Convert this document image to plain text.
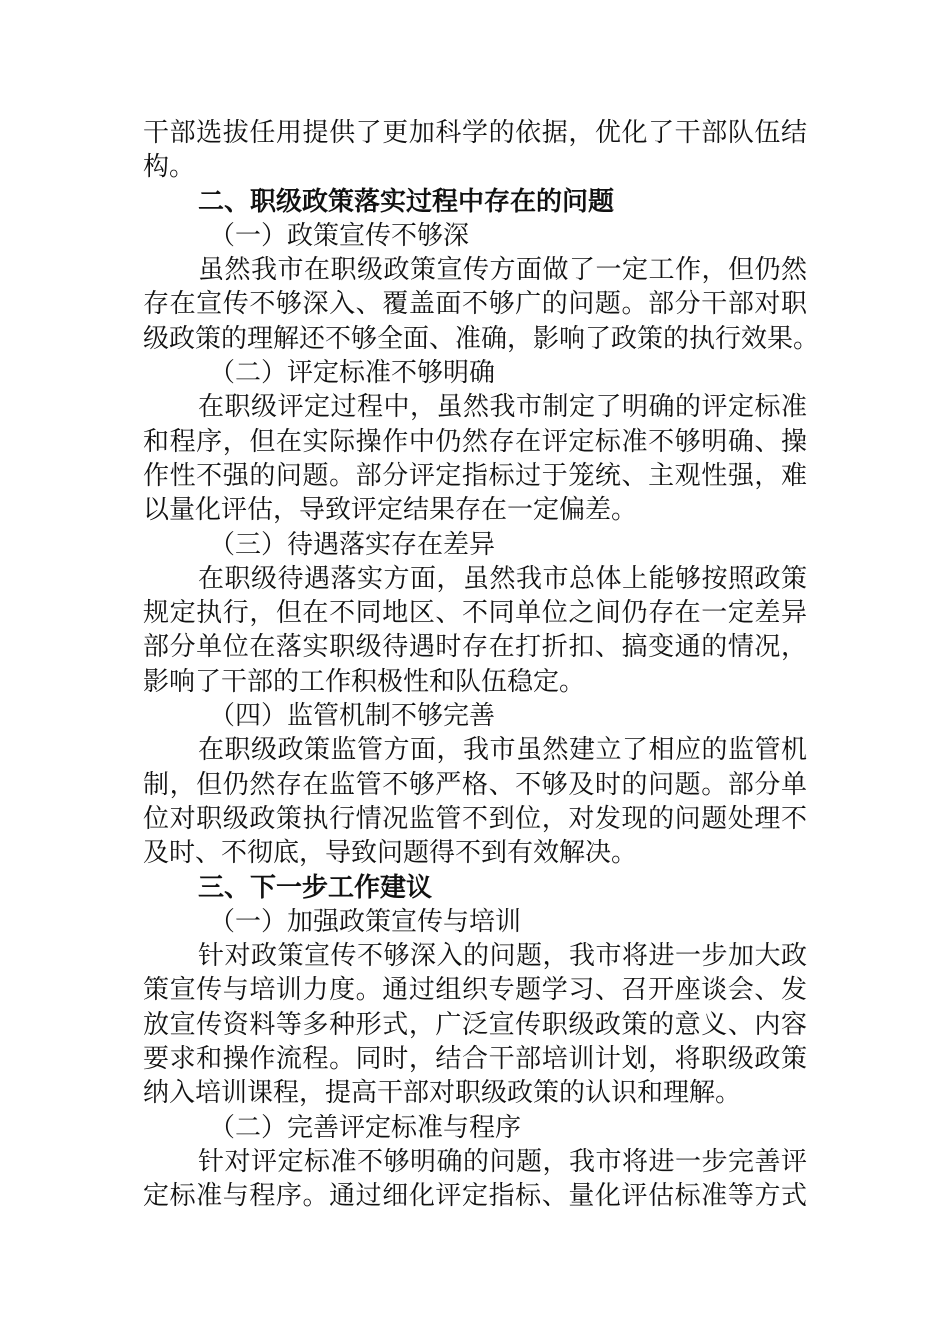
干部选拔任用提供了更加科学的依据，优化了干部队伍结
构。
二、职级政策落实过程中存在的问题
（一）政策宣传不够深
虽然我市在职级政策宣传方面做了一定工作，但仍然
存在宣传不够深入、覆盖面不够广的问题。部分干部对职
级政策的理解还不够全面、准确，影响了政策的执行效果。
（二）评定标准不够明确
在职级评定过程中，虽然我市制定了明确的评定标准
和程序，但在实际操作中仍然存在评定标准不够明确、操
作性不强的问题。部分评定指标过于笼统、主观性强，难
以量化评估，导致评定结果存在一定偏差。
（三）待遇落实存在差异
在职级待遇落实方面，虽然我市总体上能够按照政策
规定执行，但在不同地区、不同单位之间仍存在一定差异
部分单位在落实职级待遇时存在打折扣、搞变通的情况，
影响了干部的工作积极性和队伍稳定。
（四）监管机制不够完善
在职级政策监管方面，我市虽然建立了相应的监管机
制，但仍然存在监管不够严格、不够及时的问题。部分单
位对职级政策执行情况监管不到位，对发现的问题处理不
及时、不彻底，导致问题得不到有效解决。
三、下一步工作建议
（一）加强政策宣传与培训
针对政策宣传不够深入的问题，我市将进一步加大政
策宣传与培训力度。通过组织专题学习、召开座谈会、发
放宣传资料等多种形式，广泛宣传职级政策的意义、内容
要求和操作流程。同时，结合干部培训计划，将职级政策
纳入培训课程，提高干部对职级政策的认识和理解。
（二）完善评定标准与程序
针对评定标准不够明确的问题，我市将进一步完善评
定标准与程序。通过细化评定指标、量化评估标准等方式
